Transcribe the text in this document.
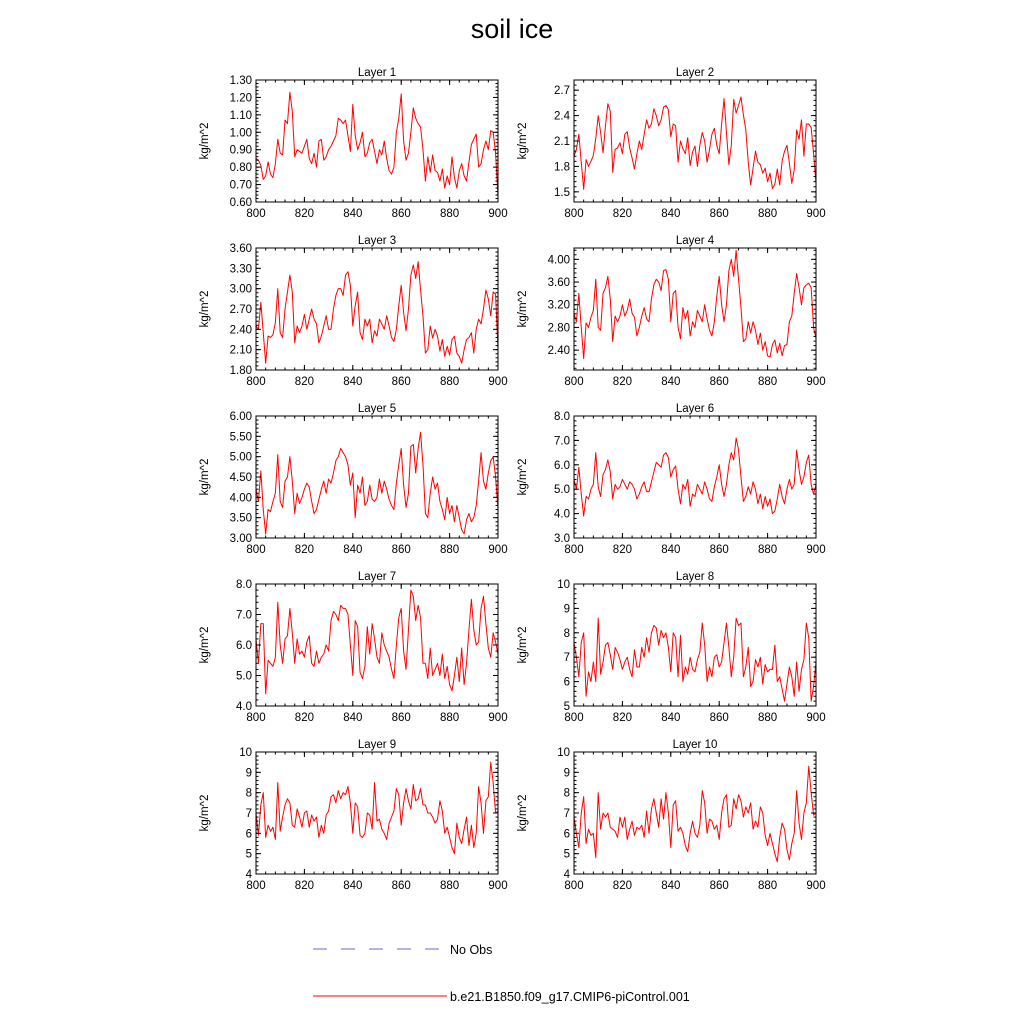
soil ice
800	820	840	860	880	900
0.60
0.70
0.80
0.90
1.00
1.10
1.20
1.30
Layer 1
kg/m^2
800	820	840	860	880	900
1.5
1.8
2.1
2.4
2.7
Layer 2
kg/m^2
800	820	840	860	880	900
1.80
2.10
2.40
2.70
3.00
3.30
3.60
Layer 3
kg/m^2
800	820	840	860	880	900
2.40
2.80
3.20
3.60
4.00
Layer 4
kg/m^2
800	820	840	860	880	900
3.00
3.50
4.00
4.50
5.00
5.50
6.00
Layer 5
kg/m^2
800	820	840	860	880	900
3.0
4.0
5.0
6.0
7.0
8.0
Layer 6
kg/m^2
800	820	840	860	880	900
4.0
5.0
6.0
7.0
8.0
Layer 7
kg/m^2
800	820	840	860	880	900
5
6
7
8
9
10
Layer 8
kg/m^2
800	820	840	860	880	900
4
5
6
7
8
9
10
Layer 9
kg/m^2
800	820	840	860	880	900
4
5
6
7
8
9
10
Layer 10
kg/m^2
No Obs
b.e21.B1850.f09_g17.CMIP6-piControl.001
